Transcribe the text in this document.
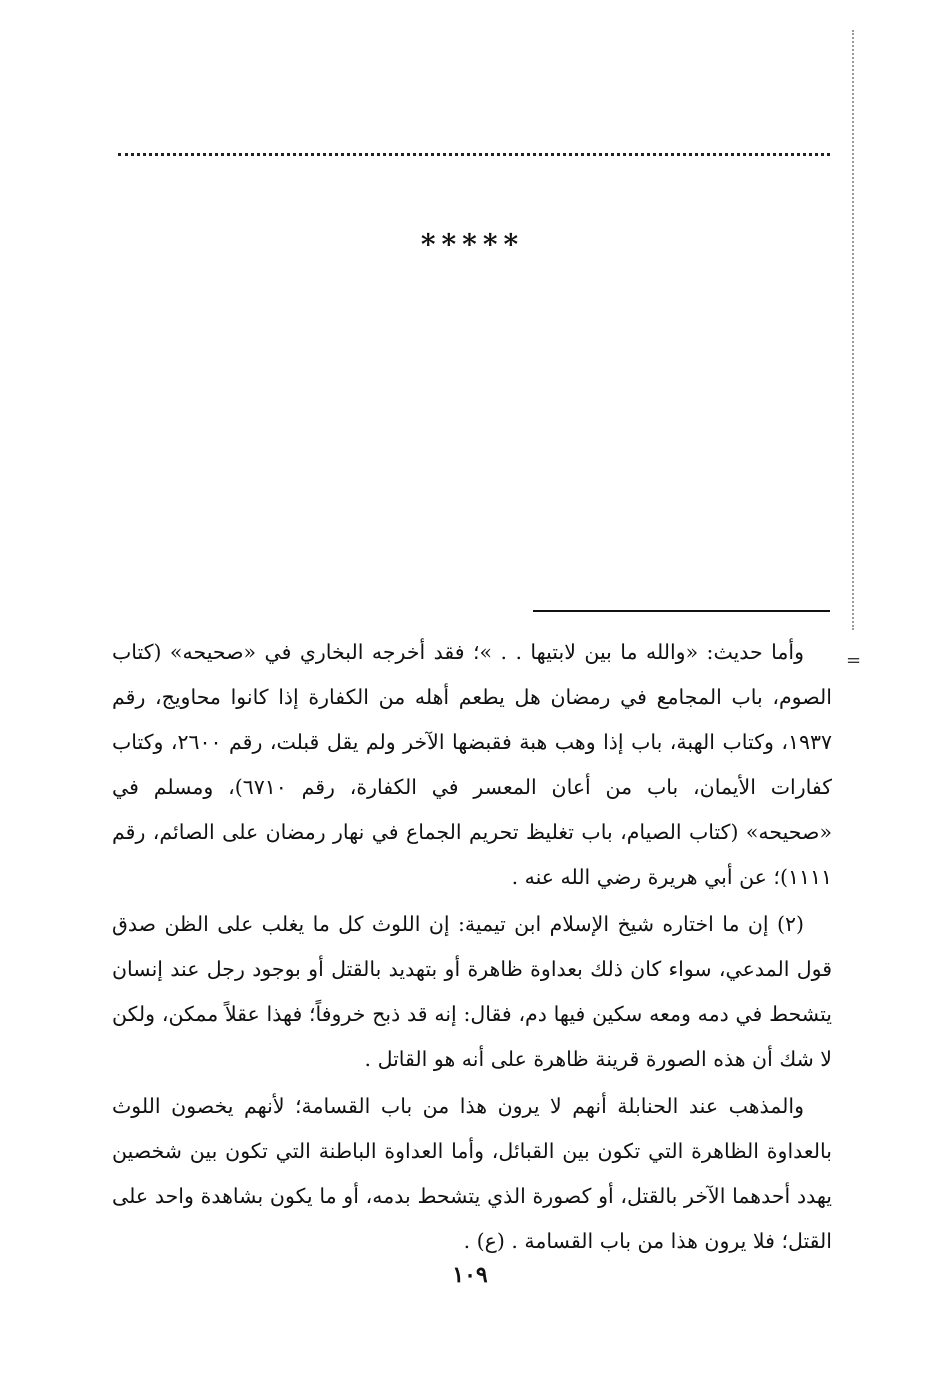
*****
=

وأما حديث: «والله ما بين لابتيها . . »؛ فقد أخرجه البخاري في «صحيحه» (كتاب الصوم، باب المجامع في رمضان هل يطعم أهله من الكفارة إذا كانوا محاويج، رقم ١٩٣٧، وكتاب الهبة، باب إذا وهب هبة فقبضها الآخر ولم يقل قبلت، رقم ٢٦٠٠، وكتاب كفارات الأيمان، باب من أعان المعسر في الكفارة، رقم ٦٧١٠)، ومسلم في «صحيحه» (كتاب الصيام، باب تغليظ تحريم الجماع في نهار رمضان على الصائم، رقم ١١١١)؛ عن أبي هريرة رضي الله عنه .

(٢) إن ما اختاره شيخ الإسلام ابن تيمية: إن اللوث كل ما يغلب على الظن صدق قول المدعي، سواء كان ذلك بعداوة ظاهرة أو بتهديد بالقتل أو بوجود رجل عند إنسان يتشحط في دمه ومعه سكين فيها دم، فقال: إنه قد ذبح خروفاً؛ فهذا عقلاً ممكن، ولكن لا شك أن هذه الصورة قرينة ظاهرة على أنه هو القاتل .

والمذهب عند الحنابلة أنهم لا يرون هذا من باب القسامة؛ لأنهم يخصون اللوث بالعداوة الظاهرة التي تكون بين القبائل، وأما العداوة الباطنة التي تكون بين شخصين يهدد أحدهما الآخر بالقتل، أو كصورة الذي يتشحط بدمه، أو ما يكون بشاهدة واحد على القتل؛ فلا يرون هذا من باب القسامة . (ع) .

١٠٩
